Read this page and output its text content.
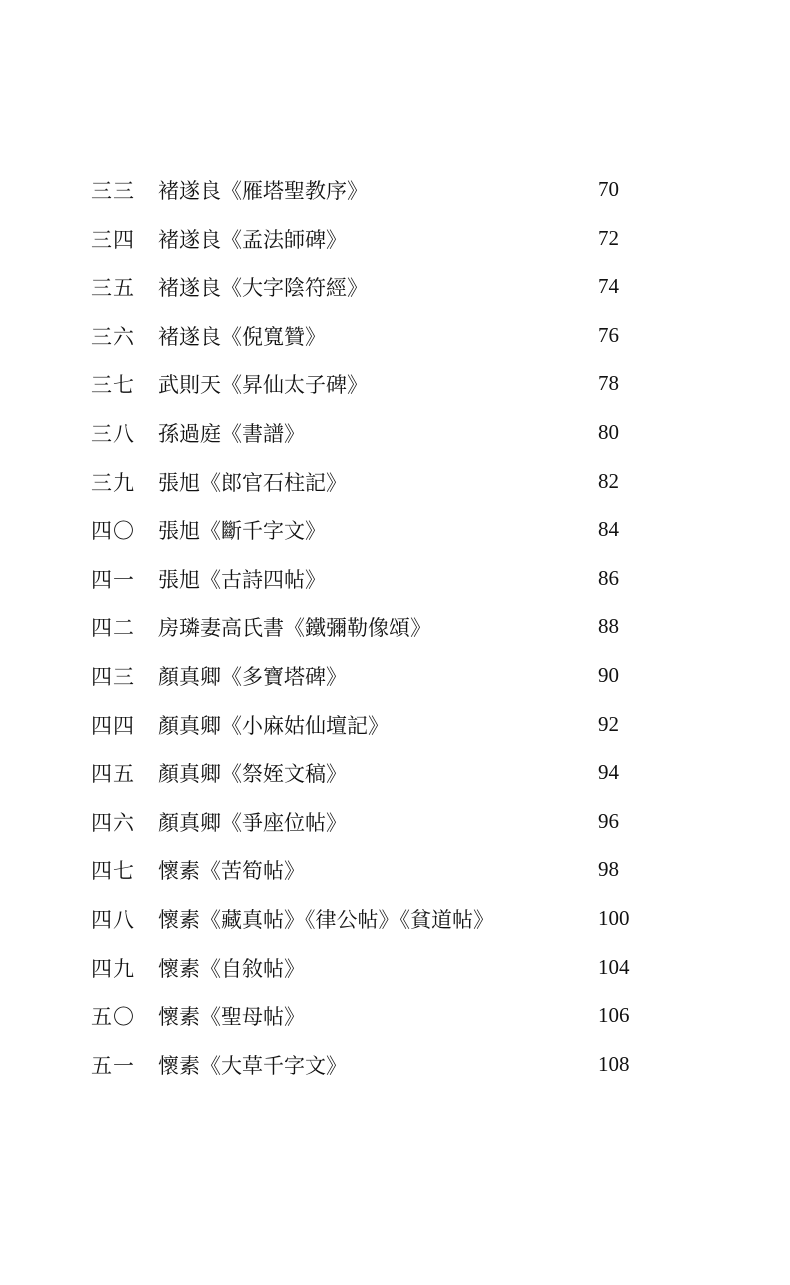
三三 褚遂良《雁塔聖教序》	70
三四 褚遂良《孟法師碑》	72
三五 褚遂良《大字陰符經》	74
三六 褚遂良《倪寬贊》	76
三七 武則天《昇仙太子碑》	78
三八 孫過庭《書譜》	80
三九 張旭《郎官石柱記》	82
四〇 張旭《斷千字文》	84
四一 張旭《古詩四帖》	86
四二 房璘妻高氏書《鐵彌勒像頌》	88
四三 顏真卿《多寶塔碑》	90
四四 顏真卿《小麻姑仙壇記》	92
四五 顏真卿《祭姪文稿》	94
四六 顏真卿《爭座位帖》	96
四七 懷素《苦筍帖》	98
四八 懷素《藏真帖》《律公帖》《貧道帖》	100
四九 懷素《自敘帖》	104
五〇 懷素《聖母帖》	106
五一 懷素《大草千字文》	108
